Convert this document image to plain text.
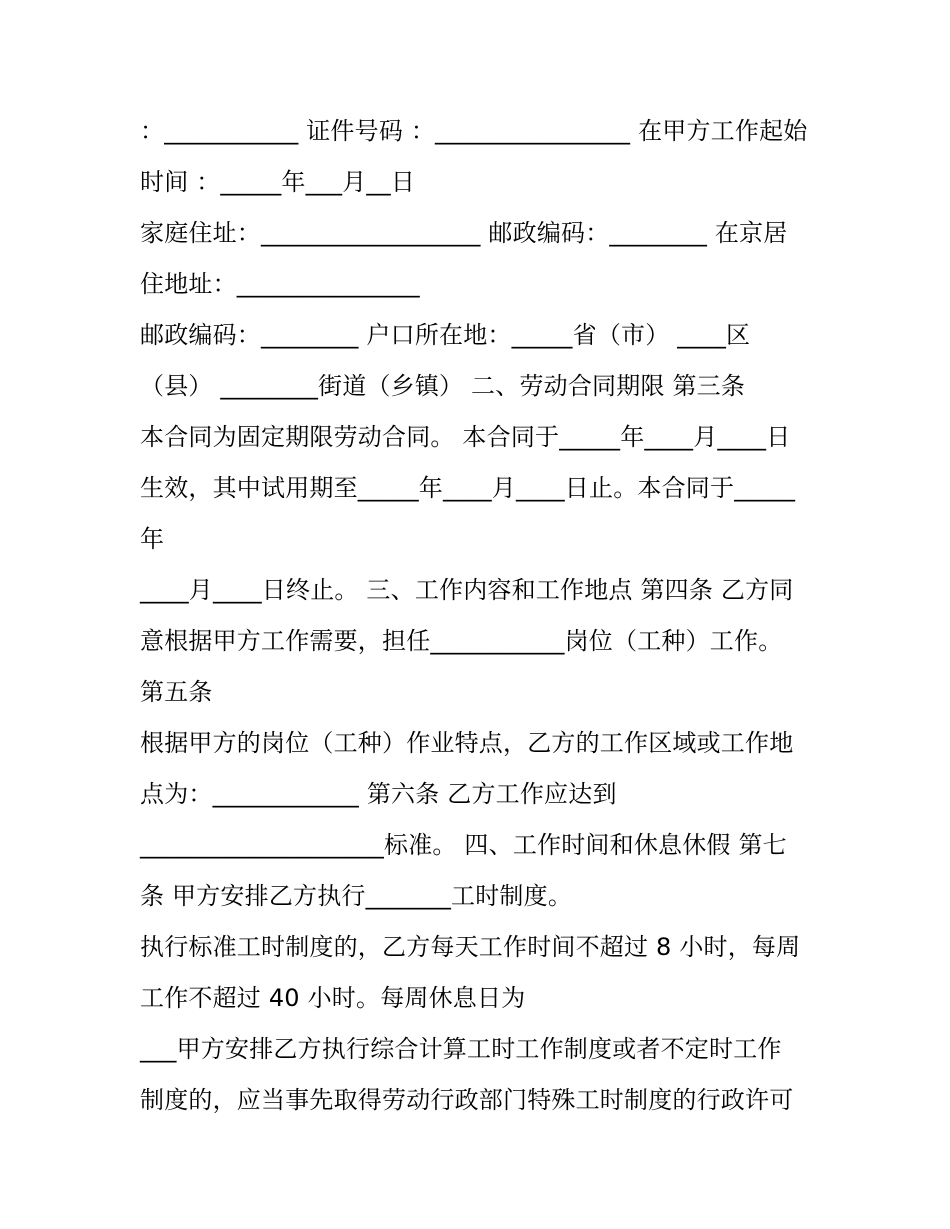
：___________ 证件号码 ：________________ 在甲方工作起始
时间 ：_____年___月__日
家庭住址：__________________ 邮政编码：________ 在京居
住地址：_______________
邮政编码：________ 户口所在地：_____省（市） ____区
（县） ________街道（乡镇） 二、劳动合同期限 第三条
本合同为固定期限劳动合同。 本合同于_____年____月____日
生效，其中试用期至_____年____月____日止。本合同于_____
年
____月____日终止。 三、工作内容和工作地点 第四条 乙方同
意根据甲方工作需要，担任___________岗位（工种）工作。
第五条
根据甲方的岗位（工种）作业特点，乙方的工作区域或工作地
点为：____________ 第六条 乙方工作应达到
____________________标准。 四、工作时间和休息休假 第七
条 甲方安排乙方执行_______工时制度。
执行标准工时制度的，乙方每天工作时间不超过 8 小时，每周
工作不超过 40 小时。每周休息日为
___甲方安排乙方执行综合计算工时工作制度或者不定时工作
制度的，应当事先取得劳动行政部门特殊工时制度的行政许可
